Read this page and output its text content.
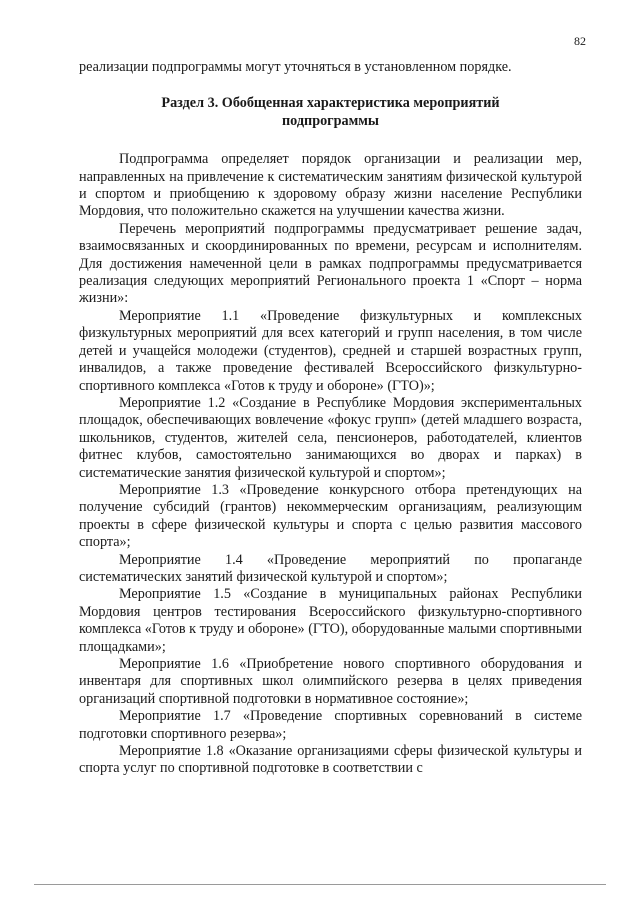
82

реализации подпрограммы могут уточняться в установленном порядке.

Раздел 3. Обобщенная характеристика мероприятий
подпрограммы

Подпрограмма определяет порядок организации и реализации мер, направленных на привлечение к систематическим занятиям физической культурой и спортом и приобщению к здоровому образу жизни население Республики Мордовия, что положительно скажется на улучшении качества жизни.

Перечень мероприятий подпрограммы предусматривает решение задач, взаимосвязанных и скоординированных по времени, ресурсам и исполнителям. Для достижения намеченной цели в рамках подпрограммы предусматривается реализация следующих мероприятий Регионального проекта 1 «Спорт – норма жизни»:

Мероприятие 1.1 «Проведение физкультурных и комплексных физкультурных мероприятий для всех категорий и групп населения, в том числе детей и учащейся молодежи (студентов), средней и старшей возрастных групп, инвалидов, а также проведение фестивалей Всероссийского физкультурно-спортивного комплекса «Готов к труду и обороне» (ГТО)»;

Мероприятие 1.2 «Создание в Республике Мордовия экспериментальных площадок, обеспечивающих вовлечение «фокус групп» (детей младшего возраста, школьников, студентов, жителей села, пенсионеров, работодателей, клиентов фитнес клубов, самостоятельно занимающихся во дворах и парках) в систематические занятия физической культурой и спортом»;

Мероприятие 1.3 «Проведение конкурсного отбора претендующих на получение субсидий (грантов) некоммерческим организациям, реализующим проекты в сфере физической культуры и спорта с целью развития массового спорта»;

Мероприятие 1.4 «Проведение мероприятий по пропаганде систематических занятий физической культурой и спортом»;

Мероприятие 1.5 «Создание в муниципальных районах Республики Мордовия центров тестирования Всероссийского физкультурно-спортивного комплекса «Готов к труду и обороне» (ГТО), оборудованные малыми спортивными площадками»;

Мероприятие 1.6 «Приобретение нового спортивного оборудования и инвентаря для спортивных школ олимпийского резерва в целях приведения организаций спортивной подготовки в нормативное состояние»;

Мероприятие 1.7 «Проведение спортивных соревнований в системе подготовки спортивного резерва»;

Мероприятие 1.8 «Оказание организациями сферы физической культуры и спорта услуг по спортивной подготовке в соответствии с
